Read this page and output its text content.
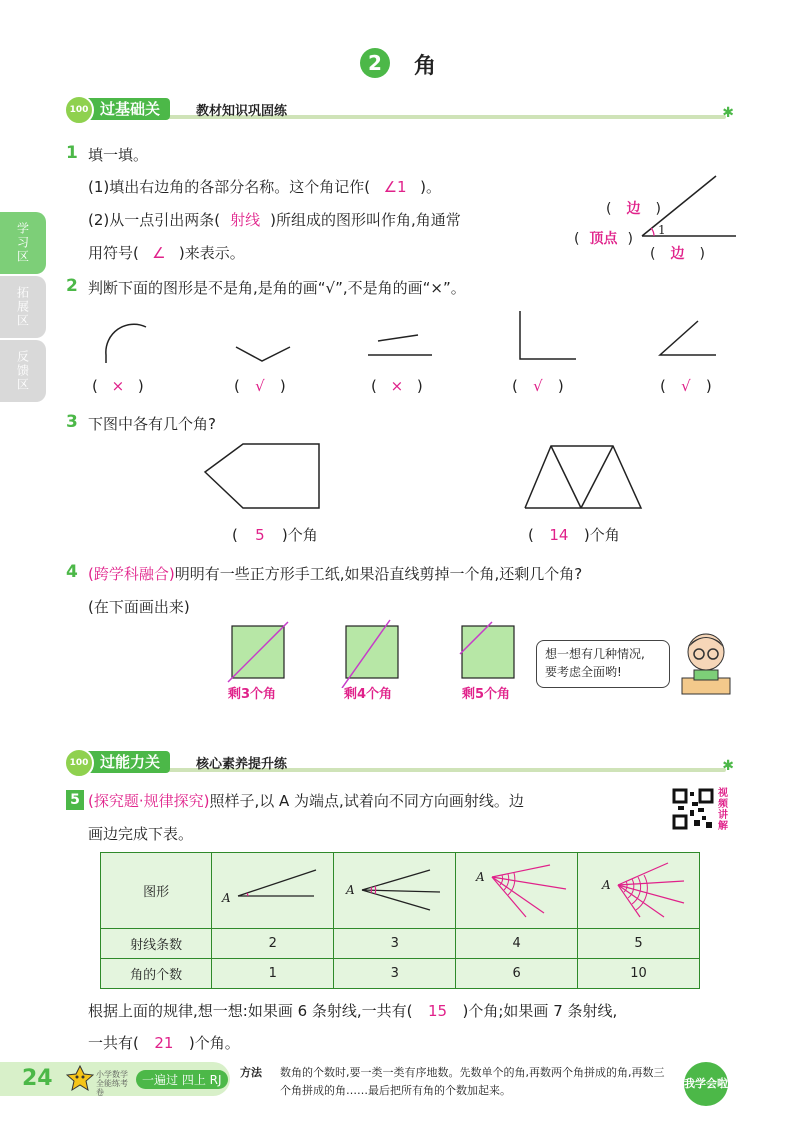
2	角
过基础关
100	教材知识巩固练	✱
学习区
拓展区
反馈区
1 填一填。
(1)填出右边角的各部分名称。这个角记作( ∠1 )。
(2)从一点引出两条( 射线 )所组成的图形叫作角,角通常
用符号( ∠ )来表示。
1
( 边 )
( 顶点 )
( 边 )
2 判断下面的图形是不是角,是角的画“√”,不是角的画“×”。
( × )	( √ )	( × )	( √ )	( √ )
3 下图中各有几个角?
( 5 )个角	( 14 )个角
4 (跨学科融合)明明有一些正方形手工纸,如果沿直线剪掉一个角,还剩几个角?
(在下面画出来)
剩3个角	剩4个角	剩5个角
想一想有几种情况,
要考虑全面哟!
过能力关
100	核心素养提升练	✱
5 (探究题·规律探究)照样子,以 A 为端点,试着向不同方向画射线。边
画边完成下表。
视频讲解
图形	A	A	A	A

射线条数	2	3	4	5
角的个数	1	3	6	10
根据上面的规律,想一想:如果画 6 条射线,一共有( 15 )个角;如果画 7 条射线,
一共有( 21 )个角。
24	小学数学 全能练考卷
一遍过 四上 RJ
方法 数角的个数时,要一类一类有序地数。先数单个的角,再数两个角拼成的角,再数三个角拼成的角……最后把所有角的个数加起来。
我学会啦
